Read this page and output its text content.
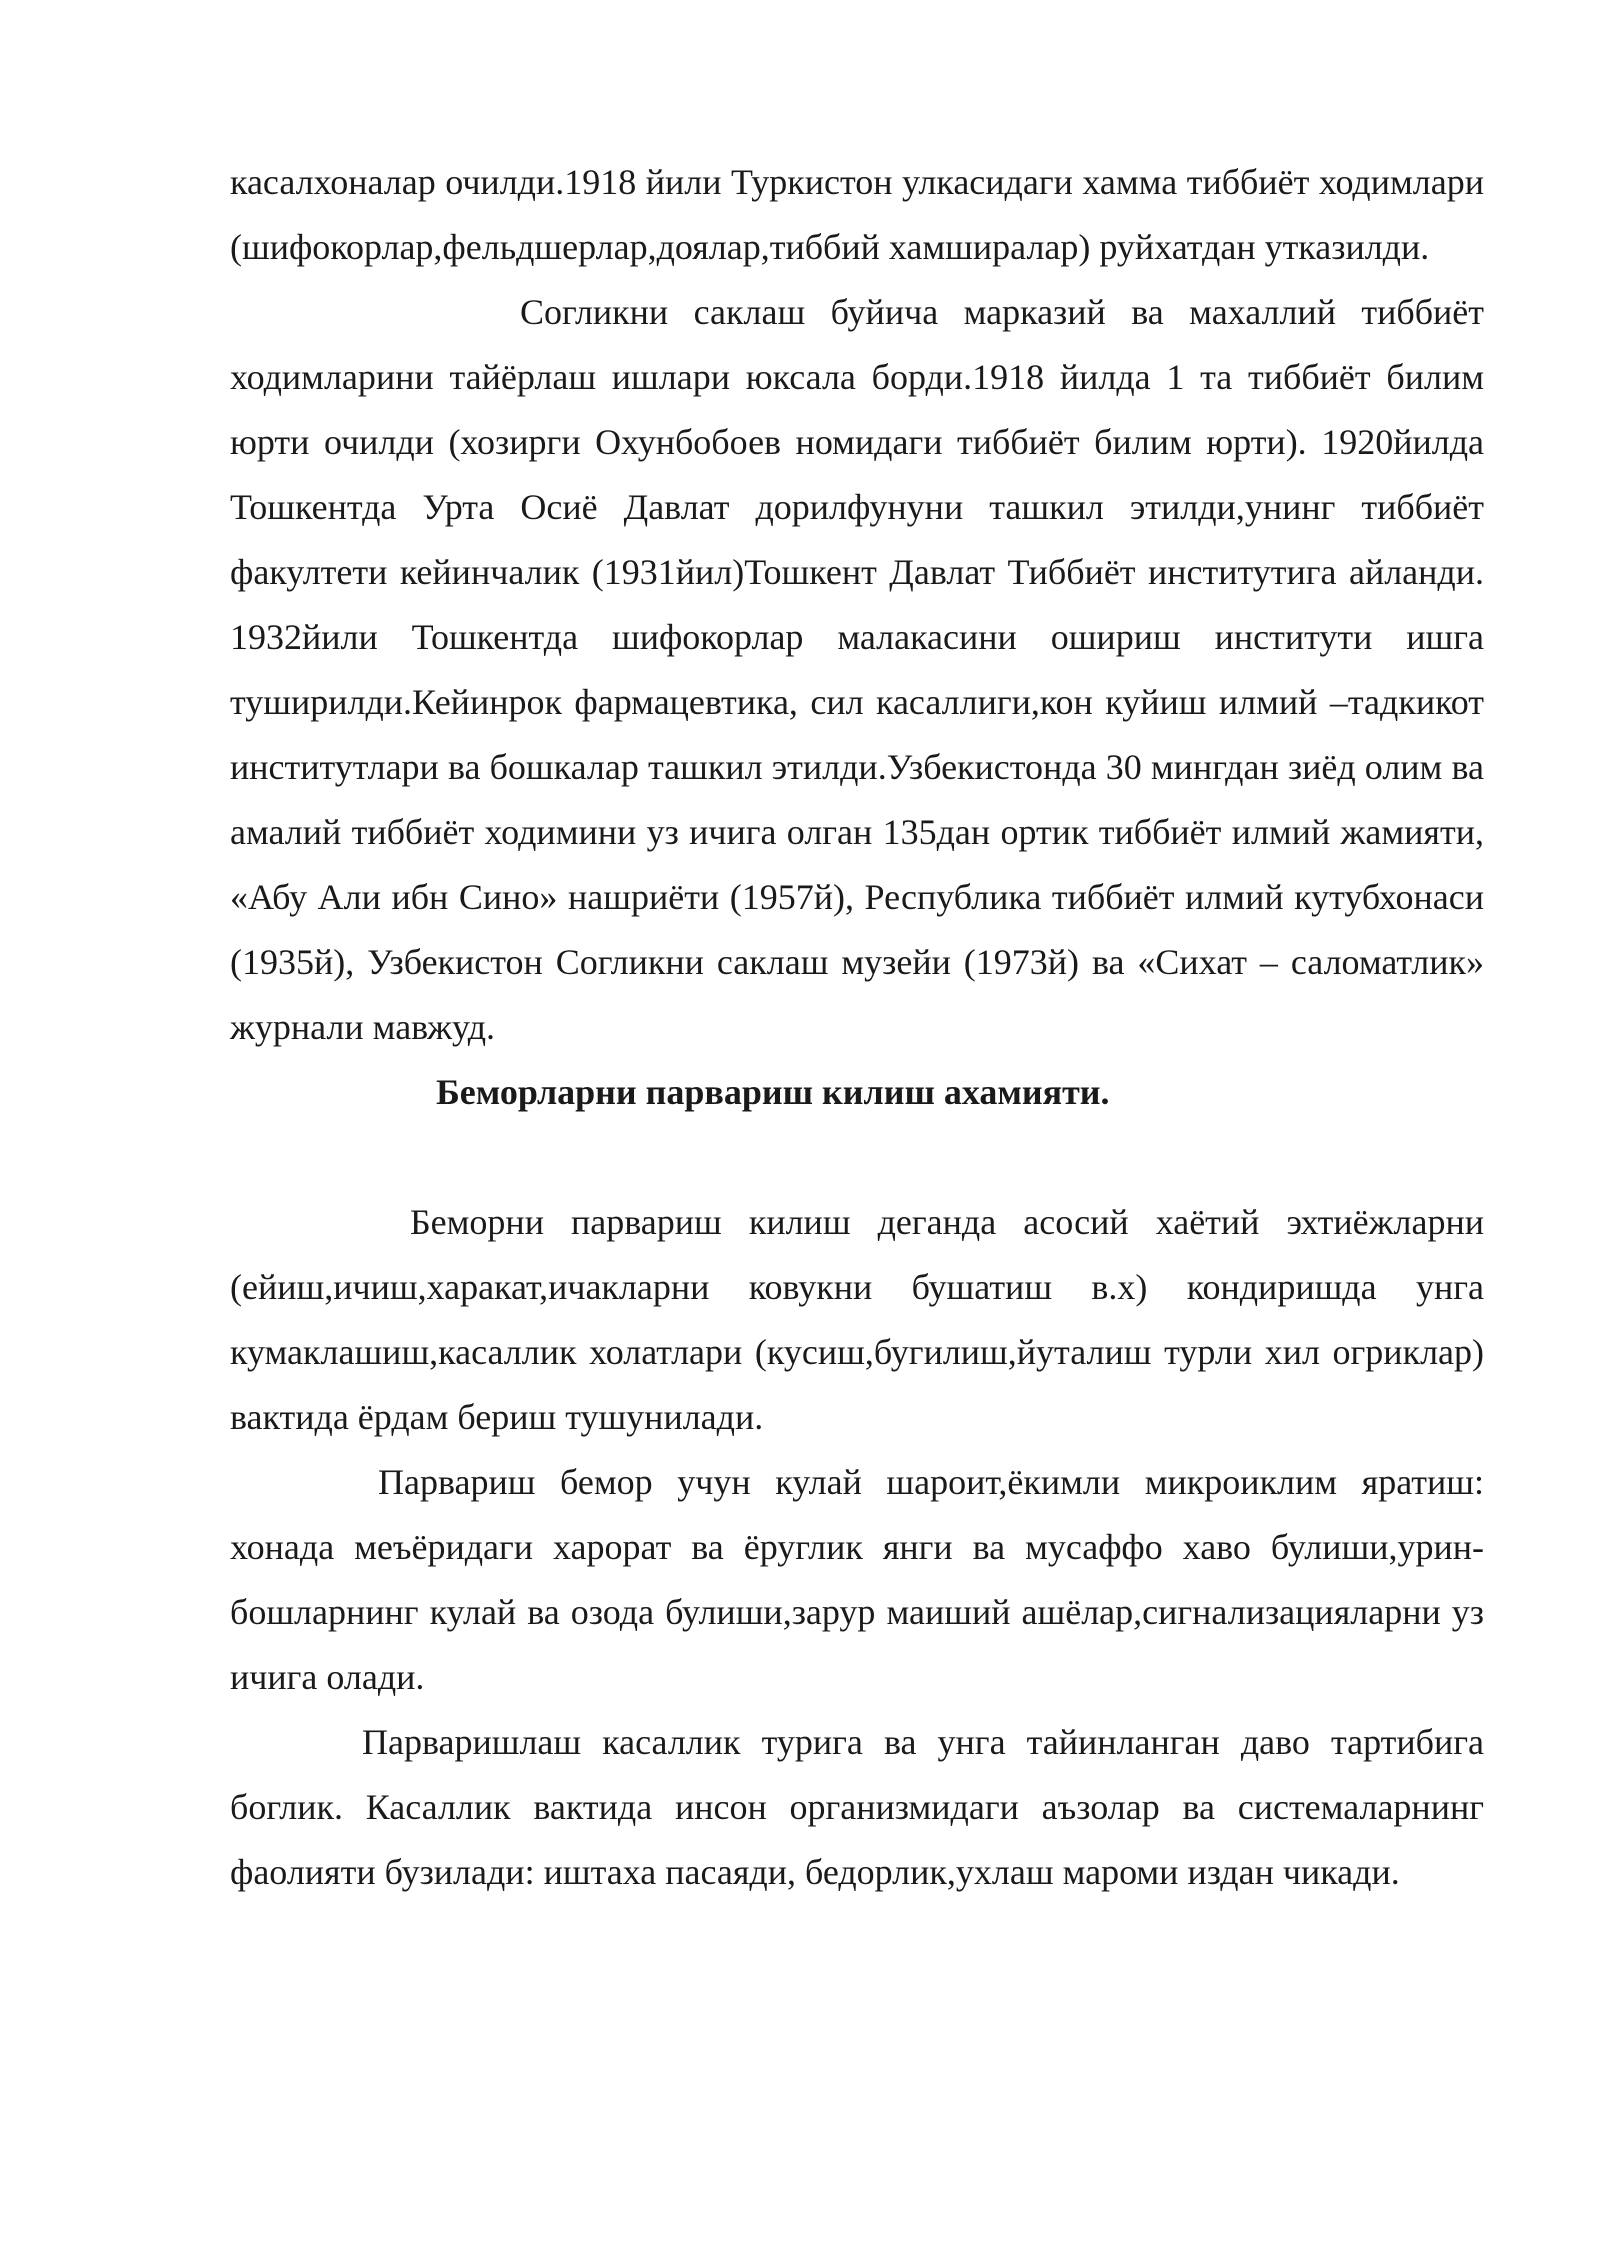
касалхоналар очилди.1918 йили Туркистон улкасидаги хамма тиббиёт ходимлари (шифокорлар,фельдшерлар,доялар,тиббий хамширалар) руйхатдан утказилди.

Согликни саклаш буйича марказий ва махаллий тиббиёт ходимларини тайёрлаш ишлари юксала борди.1918 йилда 1 та тиббиёт билим юрти очилди (хозирги Охунбобоев номидаги тиббиёт билим юрти). 1920йилда Тошкентда Урта Осиё Давлат дорилфунуни ташкил этилди,унинг тиббиёт факултети кейинчалик (1931йил)Тошкент Давлат Тиббиёт институтига айланди. 1932йили Тошкентда шифокорлар малакасини ошириш институти ишга туширилди.Кейинрок фармацевтика, сил касаллиги,кон куйиш илмий –тадкикот институтлари ва бошкалар ташкил этилди.Узбекистонда 30 мингдан зиёд олим ва амалий тиббиёт ходимини уз ичига олган 135дан ортик тиббиёт илмий жамияти, «Абу Али ибн Сино» нашриёти (1957й), Республика тиббиёт илмий кутубхонаси (1935й), Узбекистон Согликни саклаш музейи (1973й) ва «Сихат – саломатлик» журнали мавжуд.

Беморларни парвариш килиш ахамияти.

Беморни парвариш килиш деганда асосий хаётий эхтиёжларни (ейиш,ичиш,харакат,ичакларни ковукни бушатиш в.х) кондиришда унга кумаклашиш,касаллик холатлари (кусиш,бугилиш,йуталиш турли хил огриклар) вактида ёрдам бериш тушунилади.

Парвариш бемор учун кулай шароит,ёкимли микроиклим яратиш: хонада меъёридаги харорат ва ёруглик янги ва мусаффо хаво булиши,урин-бошларнинг кулай ва озода булиши,зарур маиший ашёлар,сигнализацияларни уз ичига олади.

Парваришлаш касаллик турига ва унга тайинланган даво тартибига боглик. Касаллик вактида инсон организмидаги аъзолар ва системаларнинг фаолияти бузилади: иштаха пасаяди, бедорлик,ухлаш мароми издан чикади.
